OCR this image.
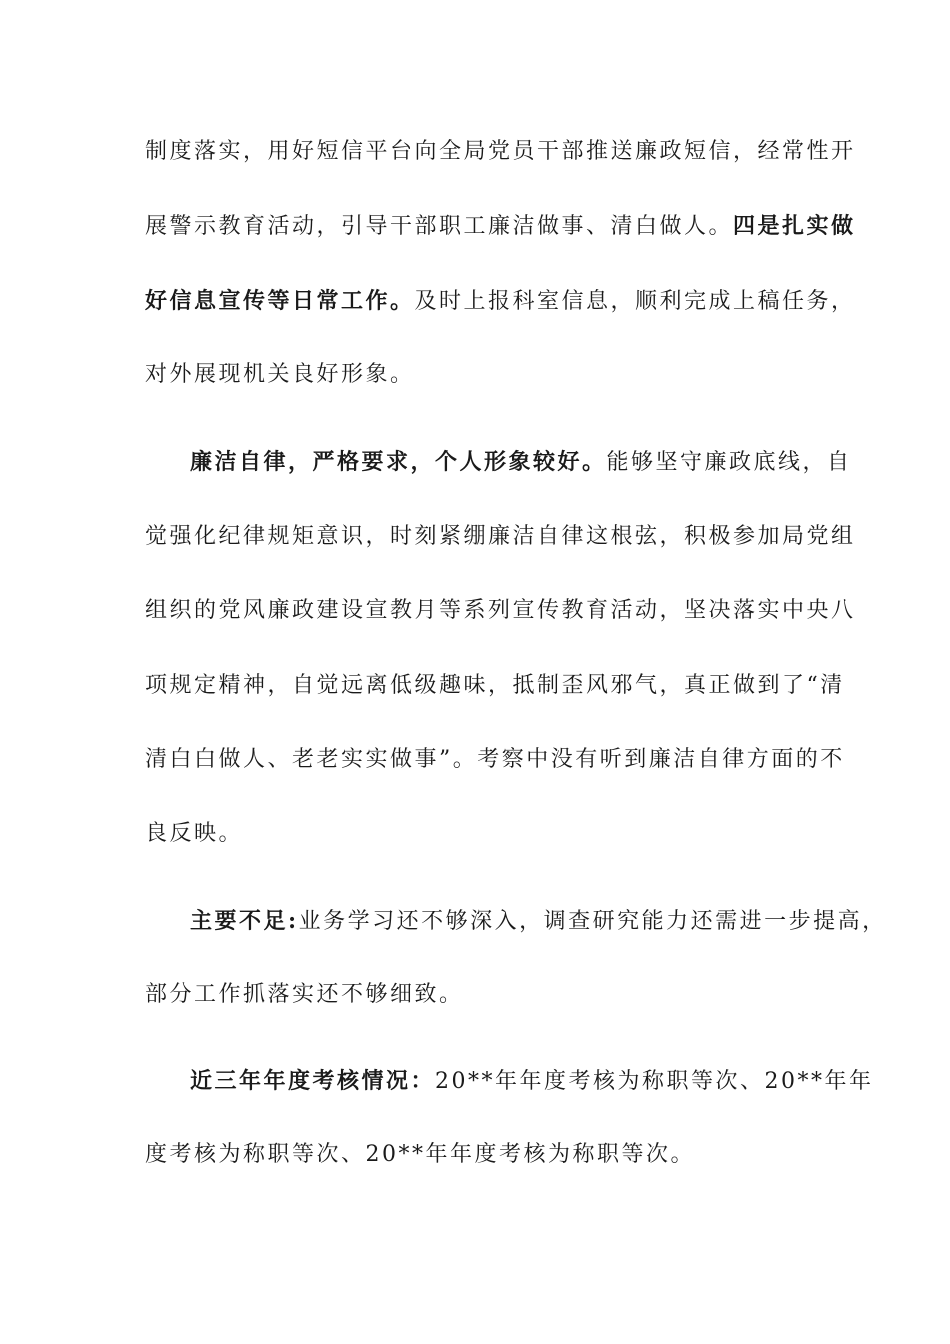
制度落实，用好短信平台向全局党员干部推送廉政短信，经常性开
展警示教育活动，引导干部职工廉洁做事、清白做人。四是扎实做
好信息宣传等日常工作。及时上报科室信息，顺利完成上稿任务，
对外展现机关良好形象。
廉洁自律，严格要求，个人形象较好。能够坚守廉政底线，自
觉强化纪律规矩意识，时刻紧绷廉洁自律这根弦，积极参加局党组
组织的党风廉政建设宣教月等系列宣传教育活动，坚决落实中央八
项规定精神，自觉远离低级趣味，抵制歪风邪气，真正做到了“清
清白白做人、老老实实做事”。考察中没有听到廉洁自律方面的不
良反映。
主要不足:业务学习还不够深入，调查研究能力还需进一步提高，
部分工作抓落实还不够细致。
近三年年度考核情况：20**年年度考核为称职等次、20**年年
度考核为称职等次、20**年年度考核为称职等次。
